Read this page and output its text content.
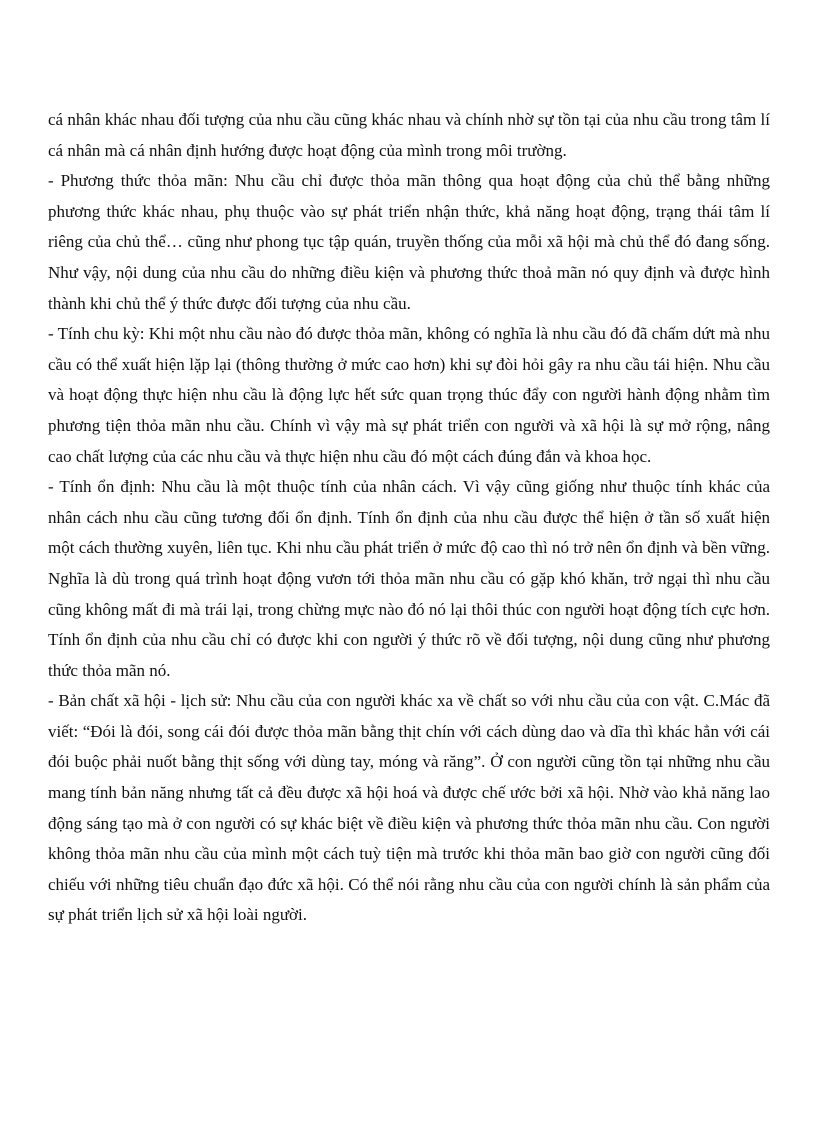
cá nhân khác nhau đối tượng của nhu cầu cũng khác nhau và chính nhờ sự tồn tại của nhu cầu trong tâm lí cá nhân mà cá nhân định hướng được hoạt động của mình trong môi trường.

- Phương thức thỏa mãn: Nhu cầu chỉ được thỏa mãn thông qua hoạt động của chủ thể bằng những phương thức khác nhau, phụ thuộc vào sự phát triển nhận thức, khả năng hoạt động, trạng thái tâm lí riêng của chủ thể… cũng như phong tục tập quán, truyền thống của mỗi xã hội mà chủ thể đó đang sống. Như vậy, nội dung của nhu cầu do những điều kiện và phương thức thoả mãn nó quy định và được hình thành khi chủ thể ý thức được đối tượng của nhu cầu.

- Tính chu kỳ: Khi một nhu cầu nào đó được thỏa mãn, không có nghĩa là nhu cầu đó đã chấm dứt mà nhu cầu có thể xuất hiện lặp lại (thông thường ở mức cao hơn) khi sự đòi hỏi gây ra nhu cầu tái hiện. Nhu cầu và hoạt động thực hiện nhu cầu là động lực hết sức quan trọng thúc đẩy con người hành động nhằm tìm phương tiện thỏa mãn nhu cầu. Chính vì vậy mà sự phát triển con người và xã hội là sự mở rộng, nâng cao chất lượng của các nhu cầu và thực hiện nhu cầu đó một cách đúng đắn và khoa học.

- Tính ổn định: Nhu cầu là một thuộc tính của nhân cách. Vì vậy cũng giống như thuộc tính khác của nhân cách nhu cầu cũng tương đối ổn định. Tính ổn định của nhu cầu được thể hiện ở tần số xuất hiện một cách thường xuyên, liên tục. Khi nhu cầu phát triển ở mức độ cao thì nó trở nên ổn định và bền vững. Nghĩa là dù trong quá trình hoạt động vươn tới thỏa mãn nhu cầu có gặp khó khăn, trở ngại thì nhu cầu cũng không mất đi mà trái lại, trong chừng mực nào đó nó lại thôi thúc con người hoạt động tích cực hơn. Tính ổn định của nhu cầu chỉ có được khi con người ý thức rõ về đối tượng, nội dung cũng như phương thức thỏa mãn nó.

- Bản chất xã hội - lịch sử: Nhu cầu của con người khác xa về chất so với nhu cầu của con vật. C.Mác đã viết: “Đói là đói, song cái đói được thỏa mãn bằng thịt chín với cách dùng dao và dĩa thì khác hẳn với cái đói buộc phải nuốt bằng thịt sống với dùng tay, móng và răng”. Ở con người cũng tồn tại những nhu cầu mang tính bản năng nhưng tất cả đều được xã hội hoá và được chế ước bởi xã hội. Nhờ vào khả năng lao động sáng tạo mà ở con người có sự khác biệt về điều kiện và phương thức thỏa mãn nhu cầu. Con người không thỏa mãn nhu cầu của mình một cách tuỳ tiện mà trước khi thỏa mãn bao giờ con người cũng đối chiếu với những tiêu chuẩn đạo đức xã hội. Có thể nói rằng nhu cầu của con người chính là sản phẩm của sự phát triển lịch sử xã hội loài người.
